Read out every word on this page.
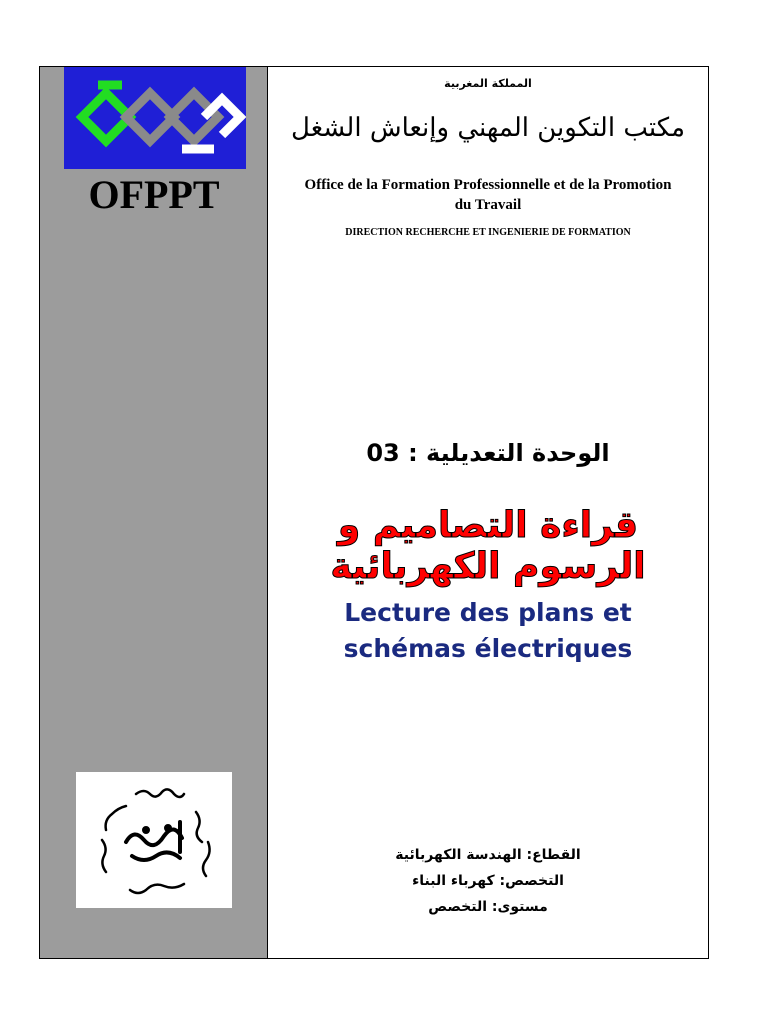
OFPPT
المملكة المغربية
مكتب التكوين المهني وإنعاش الشغل
Office de la Formation Professionnelle et de la Promotion du Travail
DIRECTION RECHERCHE ET INGENIERIE DE FORMATION
الوحدة التعديلية : 03
قراءة التصاميم و الرسوم الكهربائية
Lecture des plans et
schémas électriques
القطاع: الهندسة الكهربائية
التخصص: كهرباء البناء
مستوى: التخصص
